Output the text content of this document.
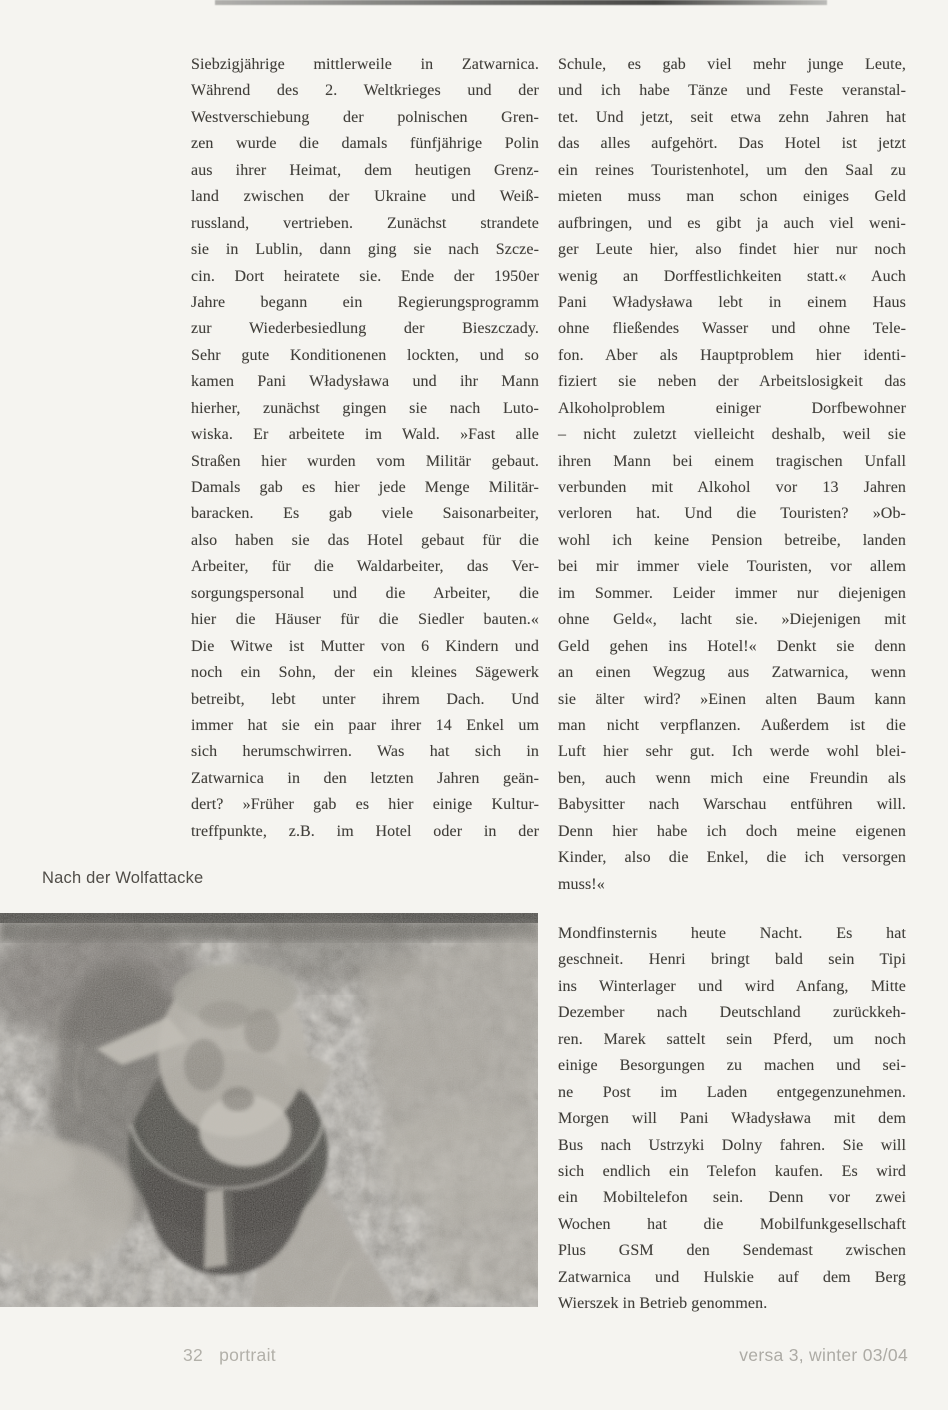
Siebzigjährige mittlerweile in Zatwarnica.
Während des 2. Weltkrieges und der
Westverschiebung der polnischen Gren-
zen wurde die damals fünfjährige Polin
aus ihrer Heimat, dem heutigen Grenz-
land zwischen der Ukraine und Weiß-
russland, vertrieben. Zunächst strandete
sie in Lublin, dann ging sie nach Szcze-
cin. Dort heiratete sie. Ende der 1950er
Jahre begann ein Regierungsprogramm
zur Wiederbesiedlung der Bieszczady.
Sehr gute Konditionenen lockten, und so
kamen Pani Władysława und ihr Mann
hierher, zunächst gingen sie nach Luto-
wiska. Er arbeitete im Wald. »Fast alle
Straßen hier wurden vom Militär gebaut.
Damals gab es hier jede Menge Militär-
baracken. Es gab viele Saisonarbeiter,
also haben sie das Hotel gebaut für die
Arbeiter, für die Waldarbeiter, das Ver-
sorgungspersonal und die Arbeiter, die
hier die Häuser für die Siedler bauten.«
Die Witwe ist Mutter von 6 Kindern und
noch ein Sohn, der ein kleines Sägewerk
betreibt, lebt unter ihrem Dach. Und
immer hat sie ein paar ihrer 14 Enkel um
sich herumschwirren. Was hat sich in
Zatwarnica in den letzten Jahren geän-
dert? »Früher gab es hier einige Kultur-
treffpunkte, z.B. im Hotel oder in der
Schule, es gab viel mehr junge Leute,
und ich habe Tänze und Feste veranstal-
tet. Und jetzt, seit etwa zehn Jahren hat
das alles aufgehört. Das Hotel ist jetzt
ein reines Touristenhotel, um den Saal zu
mieten muss man schon einiges Geld
aufbringen, und es gibt ja auch viel weni-
ger Leute hier, also findet hier nur noch
wenig an Dorffestlichkeiten statt.« Auch
Pani Władysława lebt in einem Haus
ohne fließendes Wasser und ohne Tele-
fon. Aber als Hauptproblem hier identi-
fiziert sie neben der Arbeitslosigkeit das
Alkoholproblem einiger Dorfbewohner
– nicht zuletzt vielleicht deshalb, weil sie
ihren Mann bei einem tragischen Unfall
verbunden mit Alkohol vor 13 Jahren
verloren hat. Und die Touristen? »Ob-
wohl ich keine Pension betreibe, landen
bei mir immer viele Touristen, vor allem
im Sommer. Leider immer nur diejenigen
ohne Geld«, lacht sie. »Diejenigen mit
Geld gehen ins Hotel!« Denkt sie denn
an einen Wegzug aus Zatwarnica, wenn
sie älter wird? »Einen alten Baum kann
man nicht verpflanzen. Außerdem ist die
Luft hier sehr gut. Ich werde wohl blei-
ben, auch wenn mich eine Freundin als
Babysitter nach Warschau entführen will.
Denn hier habe ich doch meine eigenen
Kinder, also die Enkel, die ich versorgen
muss!«
Mondfinsternis heute Nacht. Es hat
geschneit. Henri bringt bald sein Tipi
ins Winterlager und wird Anfang, Mitte
Dezember nach Deutschland zurückkeh-
ren. Marek sattelt sein Pferd, um noch
einige Besorgungen zu machen und sei-
ne Post im Laden entgegenzunehmen.
Morgen will Pani Władysława mit dem
Bus nach Ustrzyki Dolny fahren. Sie will
sich endlich ein Telefon kaufen. Es wird
ein Mobiltelefon sein. Denn vor zwei
Wochen hat die Mobilfunkgesellschaft
Plus GSM den Sendemast zwischen
Zatwarnica und Hulskie auf dem Berg
Wierszek in Betrieb genommen.
Nach der Wolfattacke
32 portrait	versa 3, winter 03/04
